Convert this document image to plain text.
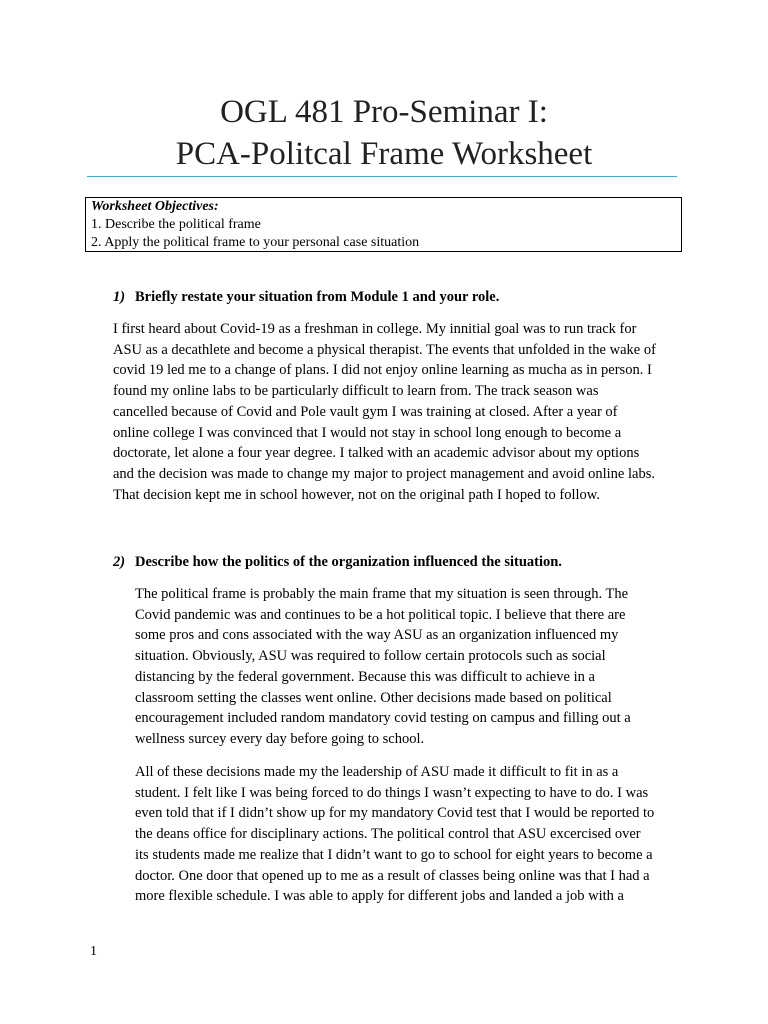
OGL 481 Pro-Seminar I:
PCA-Politcal Frame Worksheet
Worksheet Objectives:
1. Describe the political frame
2. Apply the political frame to your personal case situation

1) Briefly restate your situation from Module 1 and your role.

I first heard about Covid-19 as a freshman in college. My innitial goal was to run track for
ASU as a decathlete and become a physical therapist. The events that unfolded in the wake of
covid 19 led me to a change of plans. I did not enjoy online learning as mucha as in person. I
found my online labs to be particularly difficult to learn from. The track season was
cancelled because of Covid and Pole vault gym I was training at closed. After a year of
online college I was convinced that I would not stay in school long enough to become a
doctorate, let alone a four year degree. I talked with an academic advisor about my options
and the decision was made to change my major to project management and avoid online labs.
That decision kept me in school however, not on the original path I hoped to follow.

2) Describe how the politics of the organization influenced the situation.

The political frame is probably the main frame that my situation is seen through. The
Covid pandemic was and continues to be a hot political topic. I believe that there are
some pros and cons associated with the way ASU as an organization influenced my
situation. Obviously, ASU was required to follow certain protocols such as social
distancing by the federal government. Because this was difficult to achieve in a
classroom setting the classes went online. Other decisions made based on political
encouragement included random mandatory covid testing on campus and filling out a
wellness surcey every day before going to school.
All of these decisions made my the leadership of ASU made it difficult to fit in as a
student. I felt like I was being forced to do things I wasn’t expecting to have to do. I was
even told that if I didn’t show up for my mandatory Covid test that I would be reported to
the deans office for disciplinary actions. The political control that ASU excercised over
its students made me realize that I didn’t want to go to school for eight years to become a
doctor. One door that opened up to me as a result of classes being online was that I had a
more flexible schedule. I was able to apply for different jobs and landed a job with a
1
